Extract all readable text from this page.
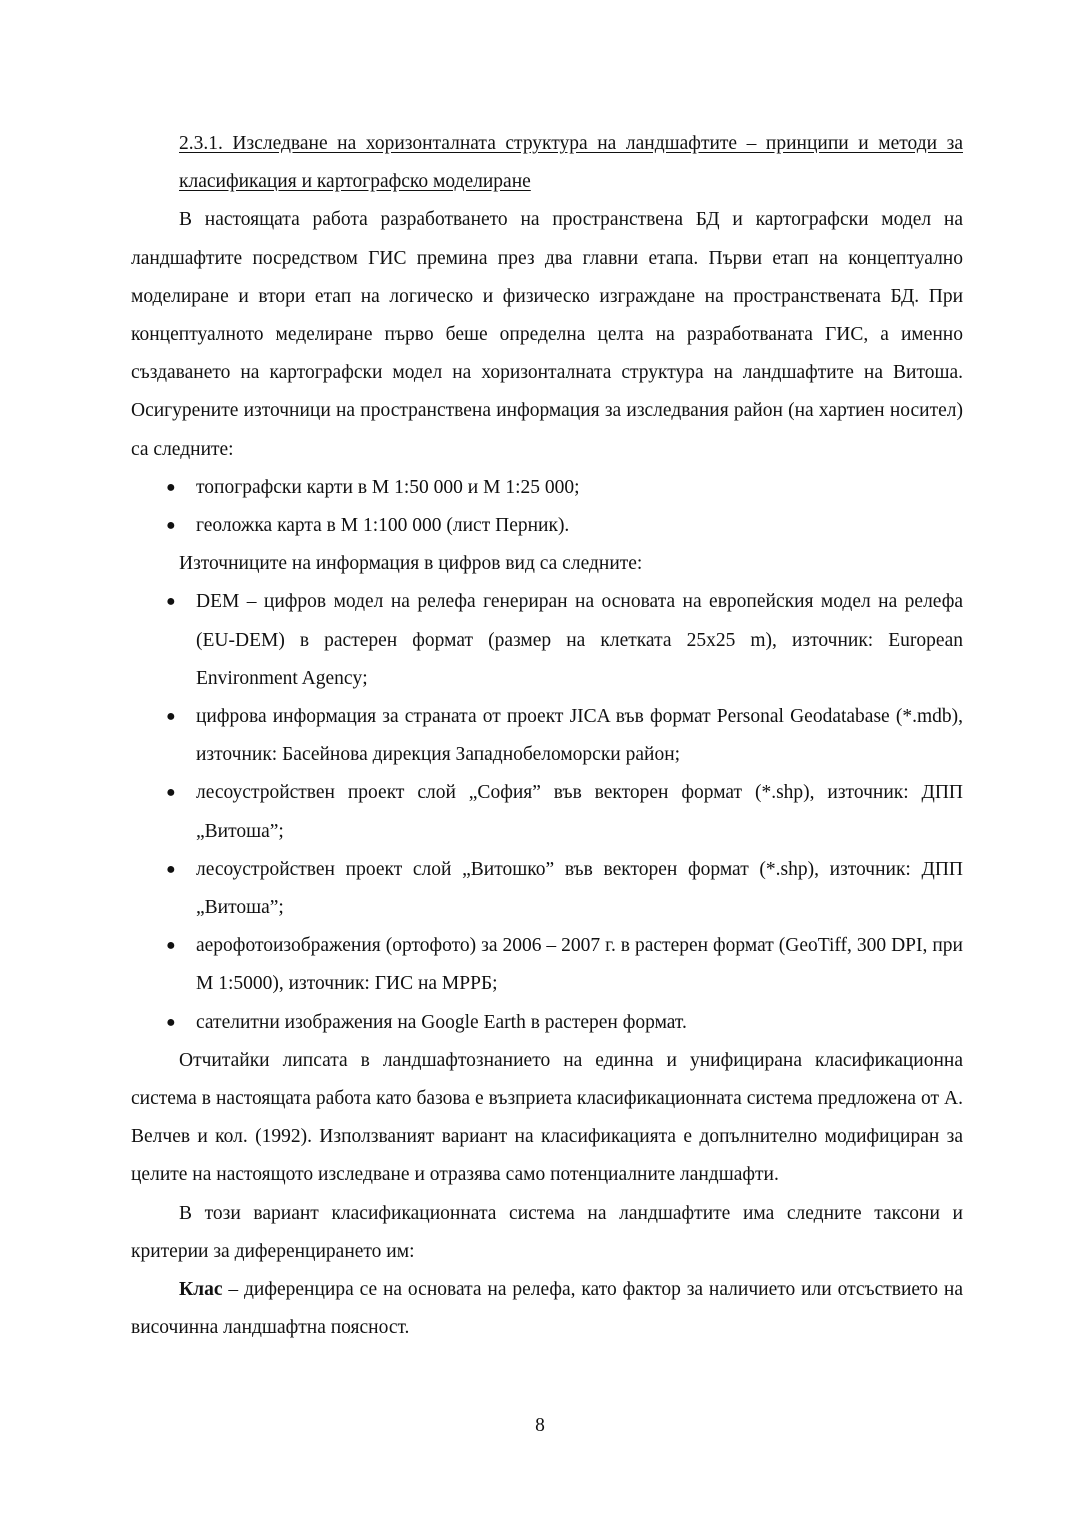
2.3.1. Изследване на хоризонталната структура на ландшафтите – принципи и методи за класификация и картографско моделиране

В настоящата работа разработването на пространствена БД и картографски модел на ландшафтите посредством ГИС премина през два главни етапа. Първи етап на концептуално моделиране и втори етап на логическо и физическо изграждане на пространствената БД. При концептуалното меделиране първо беше определна целта на разработваната ГИС, а именно създаването на картографски модел на хоризонталната структура на ландшафтите на Витоша. Осигурените източници на пространствена информация за изследвания район (на хартиен носител) са следните:

● топографски карти в М 1:50 000 и М 1:25 000;
● геоложка карта в М 1:100 000 (лист Перник).

Източниците на информация в цифров вид са следните:

● DEM – цифров модел на релефа генериран на основата на европейския модел на релефа (EU-DEM) в растерен формат (размер на клетката 25x25 m), източник: European Environment Agency;
● цифрова информация за страната от проект JICA във формат Personal Geodatabase (*.mdb), източник: Басейнова дирекция Западнобеломорски район;
● лесоустройствен проект слой „София” във векторен формат (*.shp), източник: ДПП „Витоша”;
● лесоустройствен проект слой „Витошко” във векторен формат (*.shp), източник: ДПП „Витоша”;
● аерофотоизображения (ортофото) за 2006 – 2007 г. в растерен формат (GeoTiff, 300 DPI, при М 1:5000), източник: ГИС на МРРБ;
● сателитни изображения на Google Earth в растерен формат.

Отчитайки липсата в ландшафтознанието на единна и унифицирана класификационна система в настоящата работа като базова е възприета класификационната система предложена от А. Велчев и кол. (1992). Използваният вариант на класификацията е допълнително модифициран за целите на настоящото изследване и отразява само потенциалните ландшафти.

В този вариант класификационната система на ландшафтите има следните таксони и критерии за диференцирането им:

Клас – диференцира се на основата на релефа, като фактор за наличието или отсъствието на височинна ландшафтна поясност.

8
